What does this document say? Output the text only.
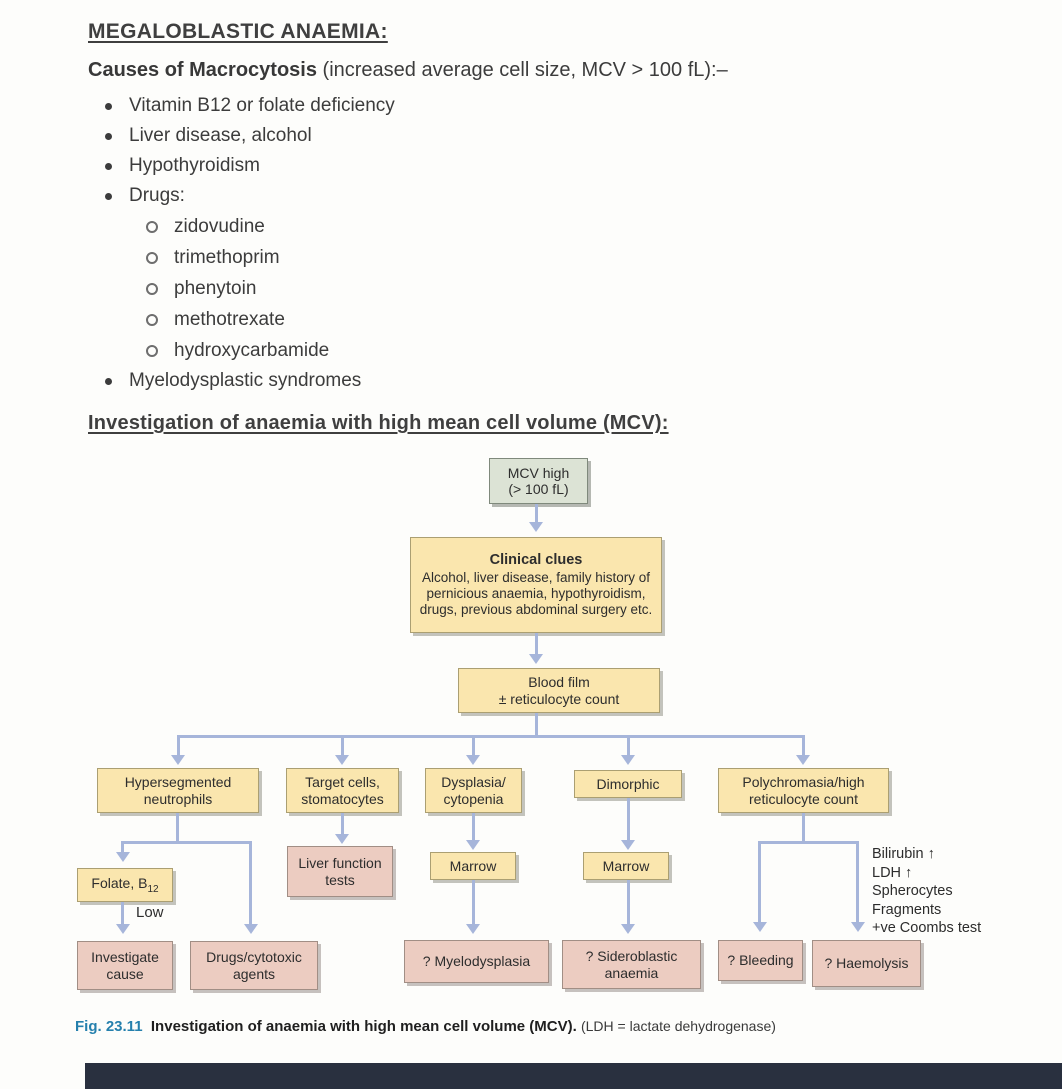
MEGALOBLASTIC ANAEMIA:

Causes of Macrocytosis (increased average cell size, MCV > 100 fL):–

Vitamin B12 or folate deficiency
Liver disease, alcohol
Hypothyroidism
Drugs:
zidovudine
trimethoprim
phenytoin
methotrexate
hydroxycarbamide
Myelodysplastic syndromes
Investigation of anaemia with high mean cell volume (MCV):
MCV high
(> 100 fL)
Clinical clues
Alcohol, liver disease, family history of pernicious anaemia, hypothyroidism, drugs, previous abdominal surgery etc.
Blood film
± reticulocyte count
Hypersegmented
neutrophils
Target cells,
stomatocytes
Dysplasia/
cytopenia
Dimorphic	Polychromasia/high
reticulocyte count
Folate, $B_{12}$
Low
Investigate
cause
Drugs/cytotoxic
agents
Liver function
tests
Marrow
? Myelodysplasia
Marrow
? Sideroblastic
anaemia
? Bleeding ? Haemolysis
Bilirubin ↑
LDH ↑
Spherocytes
Fragments
+ve Coombs test

Fig. 23.11 Investigation of anaemia with high mean cell volume (MCV). (LDH = lactate dehydrogenase)
